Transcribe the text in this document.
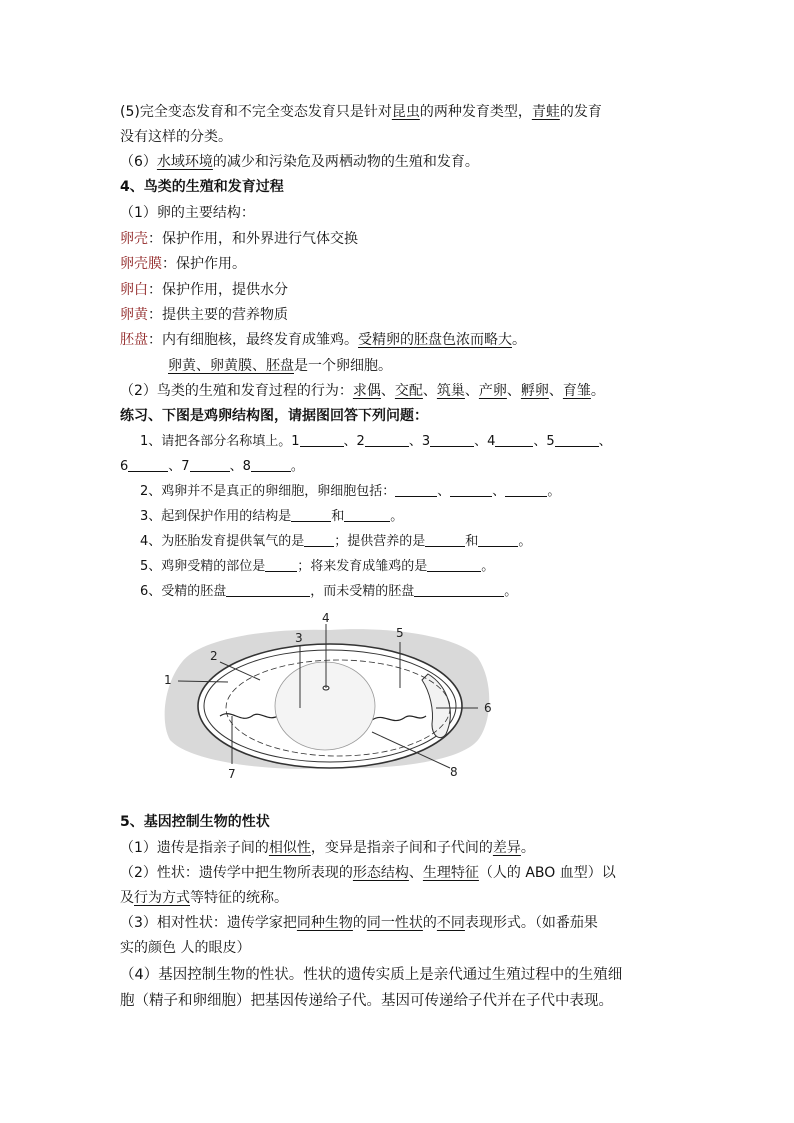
(5)完全变态发育和不完全变态发育只是针对昆虫的两种发育类型，青蛙的发育
没有这样的分类。
（6）水域环境的减少和污染危及两栖动物的生殖和发育。
4、鸟类的生殖和发育过程
（1）卵的主要结构：
卵壳：保护作用，和外界进行气体交换
卵壳膜：保护作用。
卵白：保护作用，提供水分
卵黄：提供主要的营养物质
胚盘：内有细胞核，最终发育成雏鸡。受精卵的胚盘色浓而略大。
卵黄、卵黄膜、胚盘是一个卵细胞。
（2）鸟类的生殖和发育过程的行为：求偶、交配、筑巢、产卵、孵卵、育雏。
练习、下图是鸡卵结构图，请据图回答下列问题：
1、请把各部分名称填上。1	、2	、3	、4	、5	、
6	、7	、8	。
2、鸡卵并不是真正的卵细胞，卵细胞包括：	、	、	。
3、起到保护作用的结构是	和	。
4、为胚胎发育提供氧气的是 ；提供营养的是	和	。
5、鸡卵受精的部位是 ；将来发育成雏鸡的是	。
6、受精的胚盘	，而未受精的胚盘	。
1
2
3
4
5
6
7	8
5、基因控制生物的性状
（1）遗传是指亲子间的相似性，变异是指亲子间和子代间的差异。
（2）性状：遗传学中把生物所表现的形态结构、生理特征（人的 ABO 血型）以
及行为方式等特征的统称。
（3）相对性状：遗传学家把同种生物的同一性状的不同表现形式。（如番茄果
实的颜色 人的眼皮）
（4）基因控制生物的性状。性状的遗传实质上是亲代通过生殖过程中的生殖细
胞（精子和卵细胞）把基因传递给子代。基因可传递给子代并在子代中表现。
